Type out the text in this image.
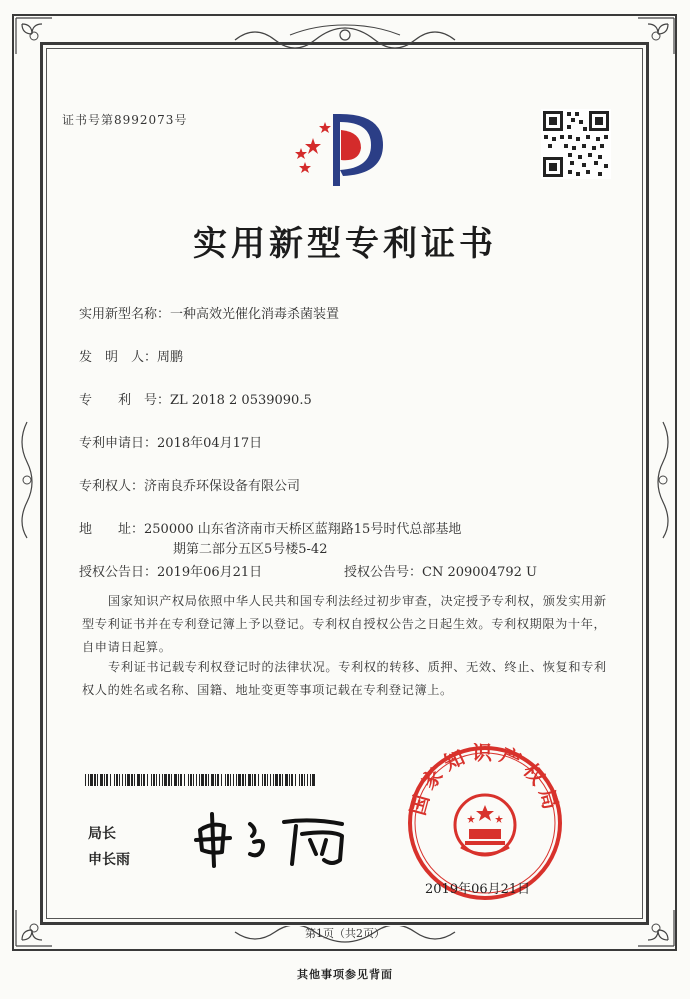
证书号第8992073号
实用新型专利证书
实用新型名称：一种高效光催化消毒杀菌装置
发　明　人：周鹏
专　　利　号：ZL 2018 2 0539090.5
专利申请日：2018年04月17日
专利权人：济南良乔环保设备有限公司
地　　址：250000 山东省济南市天桥区蓝翔路15号时代总部基地
期第二部分五区5号楼5-42
授权公告日：2019年06月21日	授权公告号：CN 209004792 U
国家知识产权局依照中华人民共和国专利法经过初步审查，决定授予专利权，颁发实用新型专利证书并在专利登记簿上予以登记。专利权自授权公告之日起生效。专利权期限为十年，自申请日起算。
专利证书记载专利权登记时的法律状况。专利权的转移、质押、无效、终止、恢复和专利权人的姓名或名称、国籍、地址变更等事项记载在专利登记簿上。
局长
申长雨
国家知识产权局
2019年06月21日
第1页（共2页）
其他事项参见背面
